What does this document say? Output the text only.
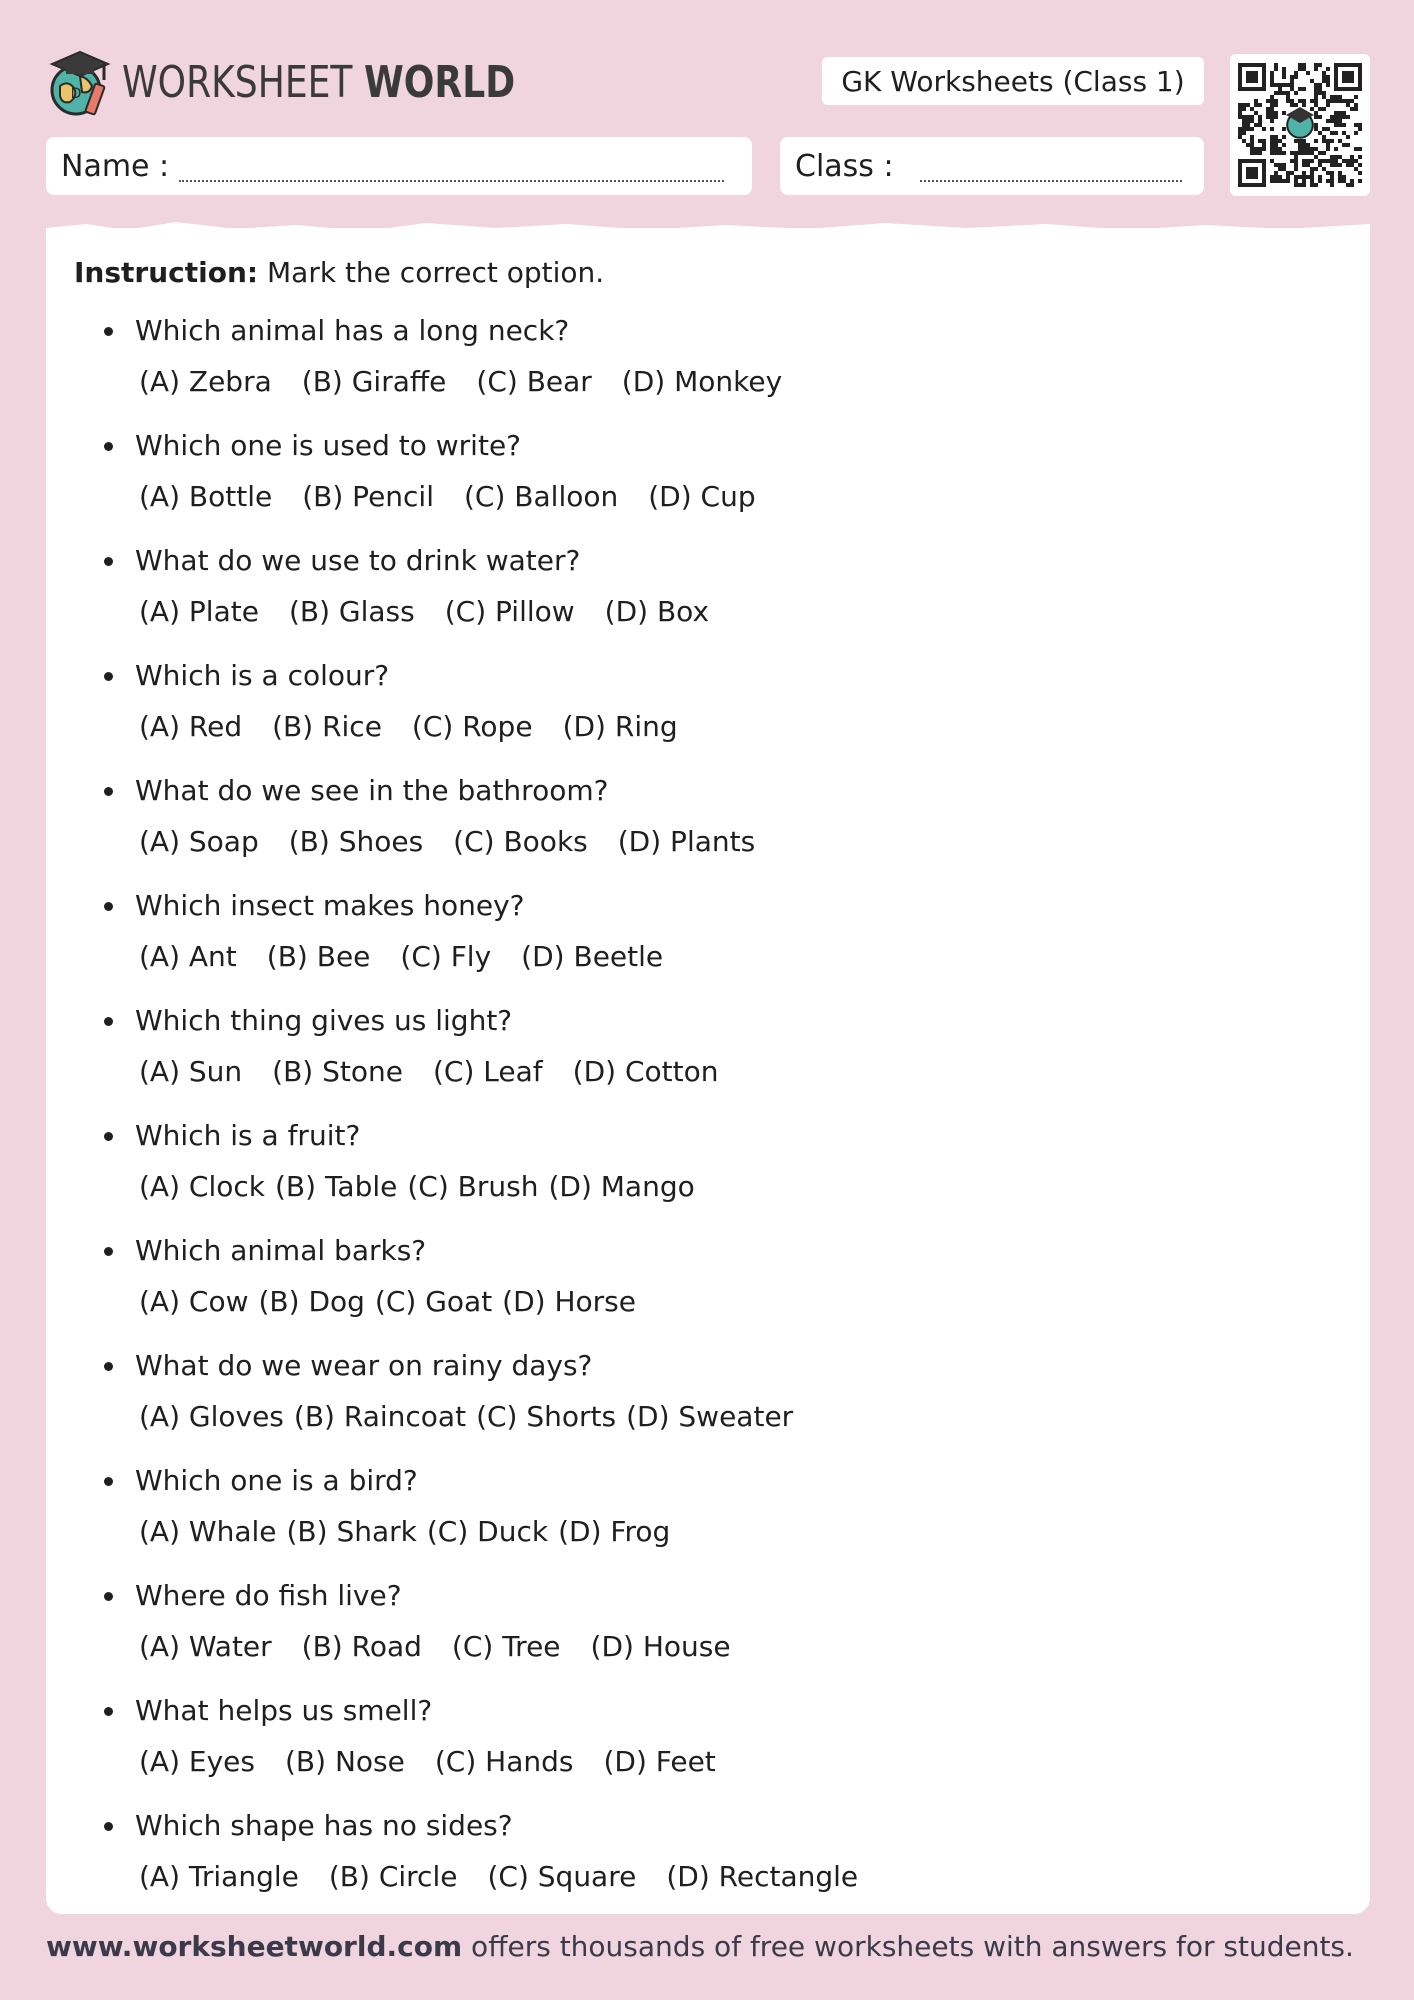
D WORKSHEET WORLD	GK Worksheets (Class 1)
Name :	Class :
Instruction: Mark the correct option.
Which animal has a long neck?
(A) Zebra (B) Giraffe (C) Bear (D) Monkey
Which one is used to write?
(A) Bottle (B) Pencil (C) Balloon (D) Cup
What do we use to drink water?
(A) Plate (B) Glass (C) Pillow (D) Box
Which is a colour?
(A) Red (B) Rice (C) Rope (D) Ring
What do we see in the bathroom?
(A) Soap (B) Shoes (C) Books (D) Plants
Which insect makes honey?
(A) Ant (B) Bee (C) Fly (D) Beetle
Which thing gives us light?
(A) Sun (B) Stone (C) Leaf (D) Cotton
Which is a fruit?
(A) Clock (B) Table (C) Brush (D) Mango
Which animal barks?
(A) Cow (B) Dog (C) Goat (D) Horse
What do we wear on rainy days?
(A) Gloves (B) Raincoat (C) Shorts (D) Sweater
Which one is a bird?
(A) Whale (B) Shark (C) Duck (D) Frog
Where do fish live?
(A) Water (B) Road (C) Tree (D) House
What helps us smell?
(A) Eyes (B) Nose (C) Hands (D) Feet
Which shape has no sides?
(A) Triangle (B) Circle (C) Square (D) Rectangle
www.worksheetworld.com offers thousands of free worksheets with answers for students.
